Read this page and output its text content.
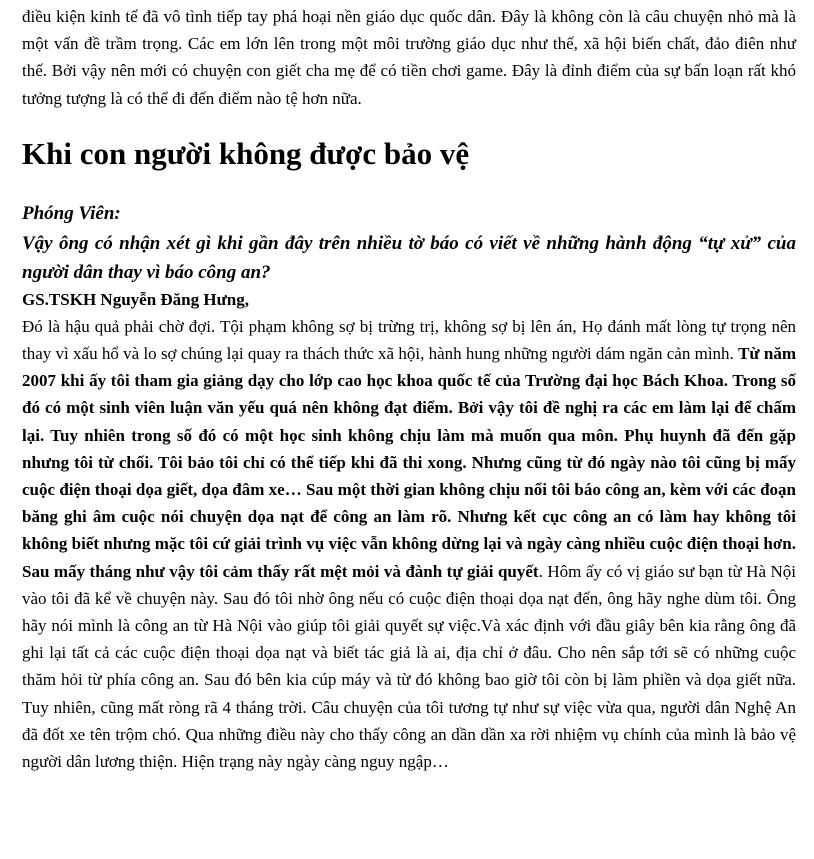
điều kiện kinh tế đã vô tình tiếp tay phá hoại nền giáo dục quốc dân. Đây là không còn là câu chuyện nhỏ mà là một vấn đề trầm trọng. Các em lớn lên trong một môi trường giáo dục như thế, xã hội biến chất, đảo điên như thế. Bởi vậy nên mới có chuyện con giết cha mẹ để có tiền chơi game. Đây là đỉnh điểm của sự bấn loạn rất khó tưởng tượng là có thể đi đến điểm nào tệ hơn nữa.

Khi con người không được bảo vệ
Phóng Viên:
Vậy ông có nhận xét gì khi gần đây trên nhiều tờ báo có viết về những hành động “tự xử” của người dân thay vì báo công an?
GS.TSKH Nguyễn Đăng Hưng,

Đó là hậu quả phải chờ đợi. Tội phạm không sợ bị trừng trị, không sợ bị lên án, Họ đánh mất lòng tự trọng nên thay vì xấu hổ và lo sợ chúng lại quay ra thách thức xã hội, hành hung những người dám ngăn cản mình. Từ năm 2007 khi ấy tôi tham gia giảng dạy cho lớp cao học khoa quốc tế của Trường đại học Bách Khoa. Trong số đó có một sinh viên luận văn yếu quá nên không đạt điểm. Bởi vậy tôi đề nghị ra các em làm lại để chấm lại. Tuy nhiên trong số đó có một học sinh không chịu làm mà muốn qua môn. Phụ huynh đã đến gặp nhưng tôi từ chối. Tôi bảo tôi chỉ có thể tiếp khi đã thi xong. Nhưng cũng từ đó ngày nào tôi cũng bị mấy cuộc điện thoại dọa giết, dọa đâm xe… Sau một thời gian không chịu nổi tôi báo công an, kèm với các đoạn băng ghi âm cuộc nói chuyện dọa nạt để công an làm rõ. Nhưng kết cục công an có làm hay không tôi không biết nhưng mặc tôi cứ giải trình vụ việc vẫn không dừng lại và ngày càng nhiều cuộc điện thoại hơn. Sau mấy tháng như vậy tôi cảm thấy rất mệt mỏi và đành tự giải quyết. Hôm ấy có vị giáo sư bạn từ Hà Nội vào tôi đã kể về chuyện này. Sau đó tôi nhờ ông nếu có cuộc điện thoại dọa nạt đến, ông hãy nghe dùm tôi. Ông hãy nói mình là công an từ Hà Nội vào giúp tôi giải quyết sự việc.Và xác định với đầu giây bên kia rằng ông đã ghi lại tất cả các cuộc điện thoại dọa nạt và biết tác giả là ai, địa chỉ ở đâu. Cho nên sắp tới sẽ có những cuộc thăm hỏi từ phía công an. Sau đó bên kia cúp máy và từ đó không bao giờ tôi còn bị làm phiền và dọa giết nữa. Tuy nhiên, cũng mất ròng rã 4 tháng trời. Câu chuyện của tôi tương tự như sự việc vừa qua, người dân Nghệ An đã đốt xe tên trộm chó. Qua những điều này cho thấy công an dần dần xa rời nhiệm vụ chính của mình là bảo vệ người dân lương thiện. Hiện trạng này ngày càng nguy ngập…
